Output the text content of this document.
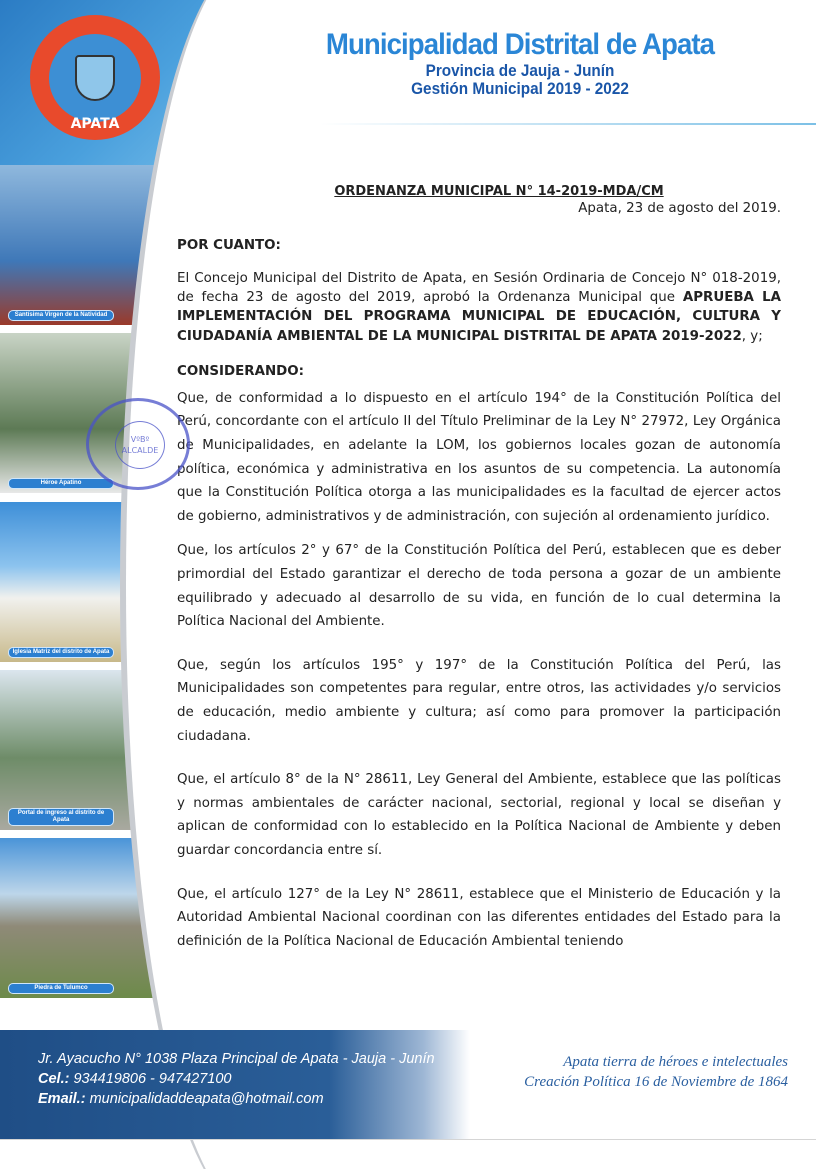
Santísima Virgen de la Natividad
Héroe Apatino
Iglesia Matriz del distrito de Apata
Portal de ingreso al distrito de Apata
Piedra de Tulumco
APATA
Municipalidad Distrital de Apata
Provincia de Jauja - Junín
Gestión Municipal 2019 - 2022
ORDENANZA MUNICIPAL N° 14-2019-MDA/CM
Apata, 23 de agosto del 2019.
POR CUANTO:

El Concejo Municipal del Distrito de Apata, en Sesión Ordinaria de Concejo N° 018-2019, de fecha 23 de agosto del 2019, aprobó la Ordenanza Municipal que APRUEBA LA IMPLEMENTACIÓN DEL PROGRAMA MUNICIPAL DE EDUCACIÓN, CULTURA Y CIUDADANÍA AMBIENTAL DE LA MUNICIPAL DISTRITAL DE APATA 2019-2022, y;

CONSIDERANDO:

Que, de conformidad a lo dispuesto en el artículo 194° de la Constitución Política del Perú, concordante con el artículo II del Título Preliminar de la Ley N° 27972, Ley Orgánica de Municipalidades, en adelante la LOM, los gobiernos locales gozan de autonomía política, económica y administrativa en los asuntos de su competencia. La autonomía que la Constitución Política otorga a las municipalidades es la facultad de ejercer actos de gobierno, administrativos y de administración, con sujeción al ordenamiento jurídico.

Que, los artículos 2° y 67° de la Constitución Política del Perú, establecen que es deber primordial del Estado garantizar el derecho de toda persona a gozar de un ambiente equilibrado y adecuado al desarrollo de su vida, en función de lo cual determina la Política Nacional del Ambiente.

Que, según los artículos 195° y 197° de la Constitución Política del Perú, las Municipalidades son competentes para regular, entre otros, las actividades y/o servicios de educación, medio ambiente y cultura; así como para promover la participación ciudadana.

Que, el artículo 8° de la N° 28611, Ley General del Ambiente, establece que las políticas y normas ambientales de carácter nacional, sectorial, regional y local se diseñan y aplican de conformidad con lo establecido en la Política Nacional de Ambiente y deben guardar concordancia entre sí.

Que, el artículo 127° de la Ley N° 28611, establece que el Ministerio de Educación y la Autoridad Ambiental Nacional coordinan con las diferentes entidades del Estado para la definición de la Política Nacional de Educación Ambiental teniendo

VºBº
ALCALDE
Jr. Ayacucho N° 1038 Plaza Principal de Apata - Jauja - Junín
Cel.: 934419806 - 947427100
Email.: municipalidaddeapata@hotmail.com
Apata tierra de héroes e intelectuales
Creación Política 16 de Noviembre de 1864
